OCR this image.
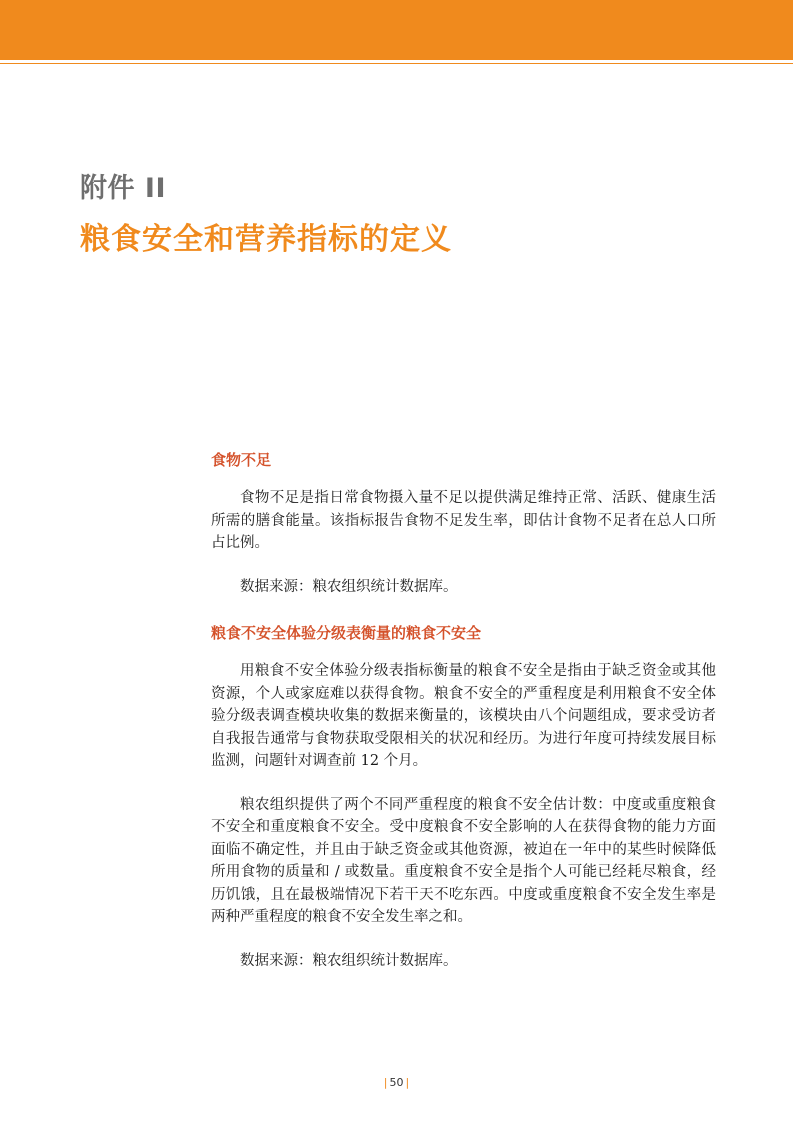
附件 II
粮食安全和营养指标的定义
食物不足

食物不足是指日常食物摄入量不足以提供满足维持正常、活跃、健康生活所需的膳食能量。该指标报告食物不足发生率，即估计食物不足者在总人口所占比例。

数据来源：粮农组织统计数据库。

粮食不安全体验分级表衡量的粮食不安全

用粮食不安全体验分级表指标衡量的粮食不安全是指由于缺乏资金或其他资源，个人或家庭难以获得食物。粮食不安全的严重程度是利用粮食不安全体验分级表调查模块收集的数据来衡量的，该模块由八个问题组成，要求受访者自我报告通常与食物获取受限相关的状况和经历。为进行年度可持续发展目标监测，问题针对调查前 12 个月。

粮农组织提供了两个不同严重程度的粮食不安全估计数：中度或重度粮食不安全和重度粮食不安全。受中度粮食不安全影响的人在获得食物的能力方面面临不确定性，并且由于缺乏资金或其他资源，被迫在一年中的某些时候降低所用食物的质量和 / 或数量。重度粮食不安全是指个人可能已经耗尽粮食，经历饥饿，且在最极端情况下若干天不吃东西。中度或重度粮食不安全发生率是两种严重程度的粮食不安全发生率之和。

数据来源：粮农组织统计数据库。

| 50 |
